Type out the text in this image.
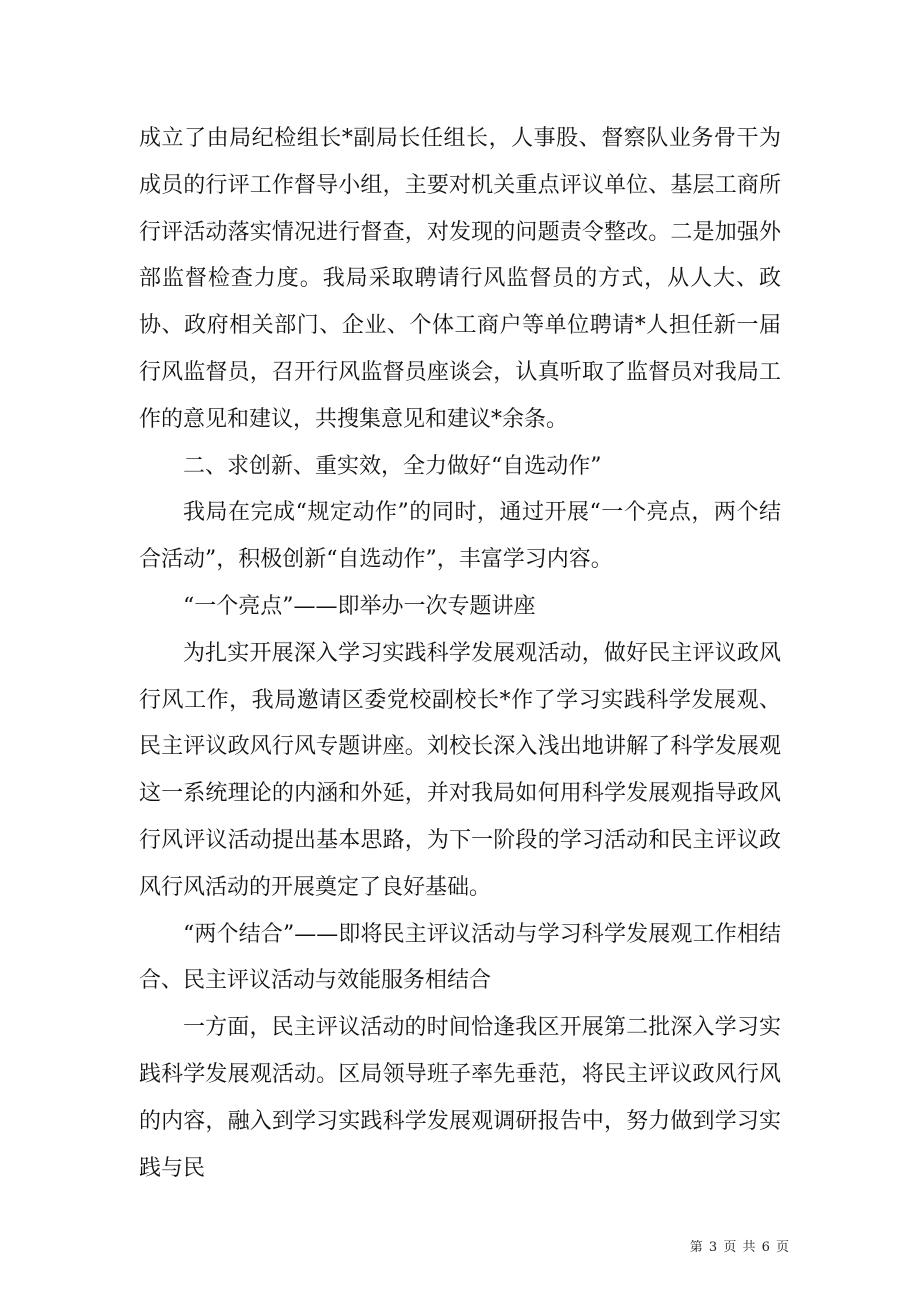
成立了由局纪检组长*副局长任组长，人事股、督察队业务骨干为成员的行评工作督导小组，主要对机关重点评议单位、基层工商所行评活动落实情况进行督查，对发现的问题责令整改。二是加强外部监督检查力度。我局采取聘请行风监督员的方式，从人大、政协、政府相关部门、企业、个体工商户等单位聘请*人担任新一届行风监督员，召开行风监督员座谈会，认真听取了监督员对我局工作的意见和建议，共搜集意见和建议*余条。

二、求创新、重实效，全力做好“自选动作”

我局在完成“规定动作”的同时，通过开展“一个亮点，两个结合活动”，积极创新“自选动作”，丰富学习内容。

“一个亮点”——即举办一次专题讲座

为扎实开展深入学习实践科学发展观活动，做好民主评议政风行风工作，我局邀请区委党校副校长*作了学习实践科学发展观、民主评议政风行风专题讲座。刘校长深入浅出地讲解了科学发展观这一系统理论的内涵和外延，并对我局如何用科学发展观指导政风行风评议活动提出基本思路，为下一阶段的学习活动和民主评议政风行风活动的开展奠定了良好基础。

“两个结合”——即将民主评议活动与学习科学发展观工作相结合、民主评议活动与效能服务相结合

一方面，民主评议活动的时间恰逢我区开展第二批深入学习实践科学发展观活动。区局领导班子率先垂范，将民主评议政风行风的内容，融入到学习实践科学发展观调研报告中，努力做到学习实践与民

第 3 页 共 6 页
